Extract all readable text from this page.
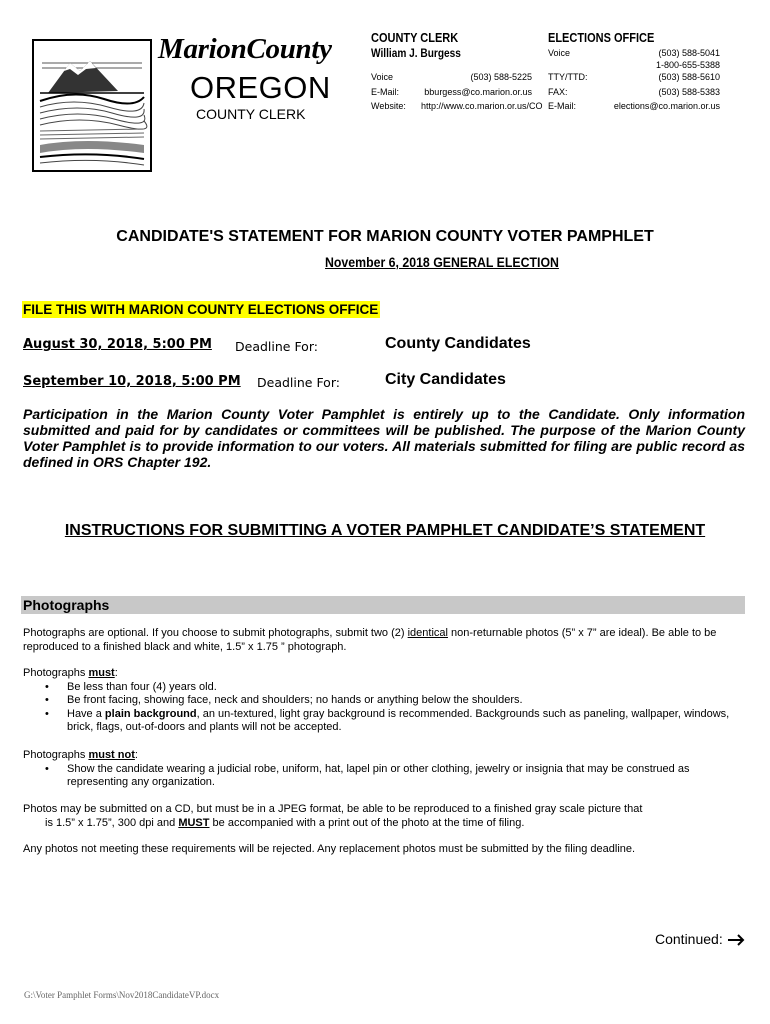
MarionCounty
OREGON
COUNTY CLERK
COUNTY CLERK
William J. Burgess
Voice	(503) 588-5225
E-Mail:	bburgess@co.marion.or.us
Website: http://www.co.marion.or.us/CO
ELECTIONS OFFICE
Voice	(503) 588-5041
1-800-655-5388
TTY/TTD:	(503) 588-5610
FAX:	(503) 588-5383
E-Mail:	elections@co.marion.or.us
CANDIDATE'S STATEMENT FOR MARION COUNTY VOTER PAMPHLET
November 6, 2018 GENERAL ELECTION
FILE THIS WITH MARION COUNTY ELECTIONS OFFICE
August 30, 2018, 5:00 PM Deadline For:	County Candidates
September 10, 2018, 5:00 PM Deadline For:	City Candidates
Participation in the Marion County Voter Pamphlet is entirely up to the Candidate. Only information submitted and paid for by candidates or committees will be published. The purpose of the Marion County Voter Pamphlet is to provide information to our voters. All materials submitted for filing are public record as defined in ORS Chapter 192.
INSTRUCTIONS FOR SUBMITTING A VOTER PAMPHLET CANDIDATE’S STATEMENT
Photographs
Photographs are optional. If you choose to submit photographs, submit two (2) identical non-returnable photos (5” x 7” are ideal). Be able to be reproduced to a finished black and white, 1.5” x 1.75 ” photograph.
Photographs must:
• Be less than four (4) years old.
• Be front facing, showing face, neck and shoulders; no hands or anything below the shoulders.
• Have a plain background, an un-textured, light gray background is recommended. Backgrounds such as paneling, wallpaper, windows, brick, flags, out-of-doors and plants will not be accepted.
Photographs must not:
• Show the candidate wearing a judicial robe, uniform, hat, lapel pin or other clothing, jewelry or insignia that may be construed as representing any organization.
Photos may be submitted on a CD, but must be in a JPEG format, be able to be reproduced to a finished gray scale picture that
is 1.5” x 1.75”, 300 dpi and MUST be accompanied with a print out of the photo at the time of filing.
Any photos not meeting these requirements will be rejected. Any replacement photos must be submitted by the filing deadline.
Continued:
G:\Voter Pamphlet Forms\Nov2018CandidateVP.docx
